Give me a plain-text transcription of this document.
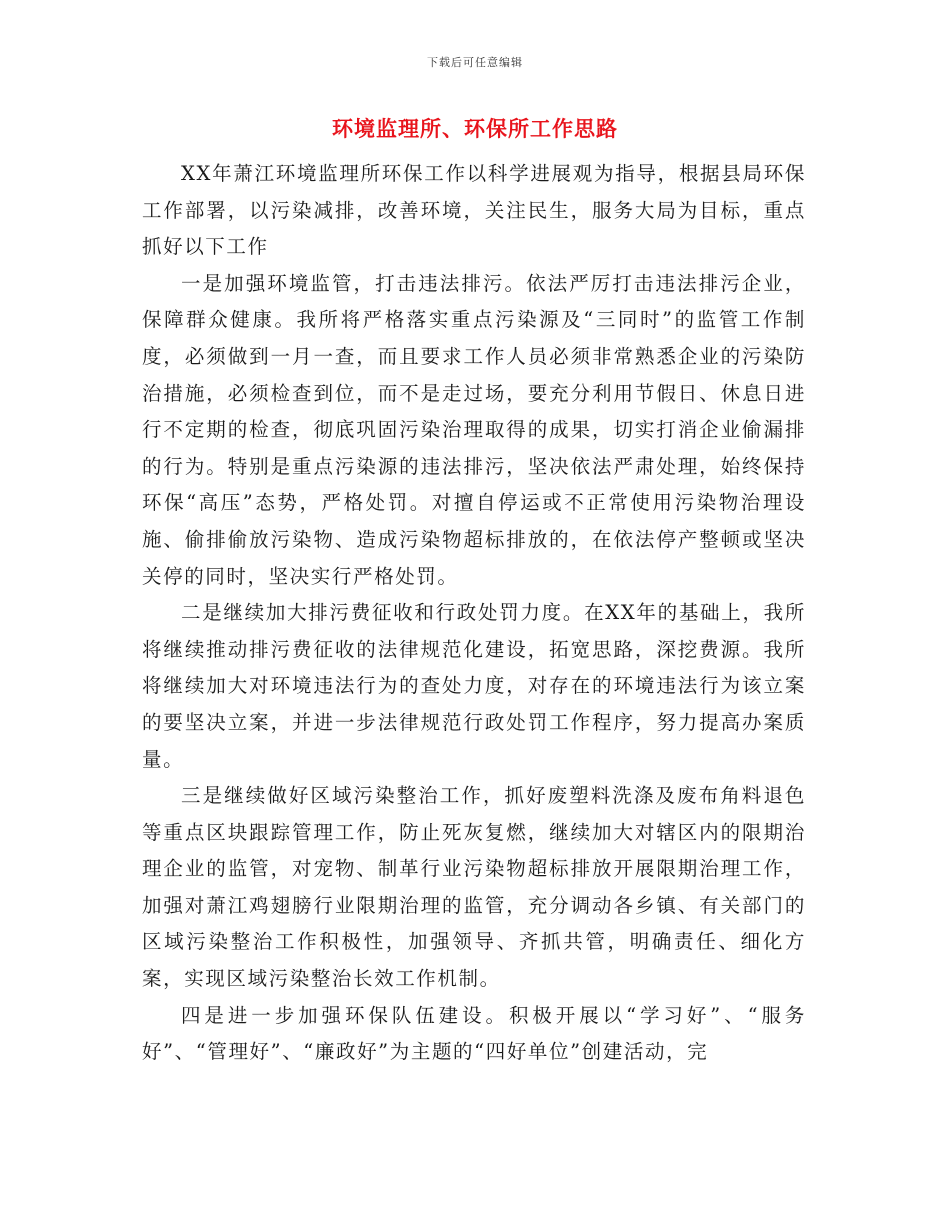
下载后可任意编辑
环境监理所、环保所工作思路

XX年萧江环境监理所环保工作以科学进展观为指导，根据县局环保工作部署，以污染减排，改善环境，关注民生，服务大局为目标，重点抓好以下工作

一是加强环境监管，打击违法排污。依法严厉打击违法排污企业，保障群众健康。我所将严格落实重点污染源及“三同时”的监管工作制度，必须做到一月一查，而且要求工作人员必须非常熟悉企业的污染防治措施，必须检查到位，而不是走过场，要充分利用节假日、休息日进行不定期的检查，彻底巩固污染治理取得的成果，切实打消企业偷漏排的行为。特别是重点污染源的违法排污，坚决依法严肃处理，始终保持环保“高压”态势，严格处罚。对擅自停运或不正常使用污染物治理设施、偷排偷放污染物、造成污染物超标排放的，在依法停产整顿或坚决关停的同时，坚决实行严格处罚。

二是继续加大排污费征收和行政处罚力度。在XX年的基础上，我所将继续推动排污费征收的法律规范化建设，拓宽思路，深挖费源。我所将继续加大对环境违法行为的查处力度，对存在的环境违法行为该立案的要坚决立案，并进一步法律规范行政处罚工作程序，努力提高办案质量。

三是继续做好区域污染整治工作，抓好废塑料洗涤及废布角料退色等重点区块跟踪管理工作，防止死灰复燃，继续加大对辖区内的限期治理企业的监管，对宠物、制革行业污染物超标排放开展限期治理工作，加强对萧江鸡翅膀行业限期治理的监管，充分调动各乡镇、有关部门的区域污染整治工作积极性，加强领导、齐抓共管，明确责任、细化方案，实现区域污染整治长效工作机制。

四是进一步加强环保队伍建设。积极开展以“学习好”、“服务好”、“管理好”、“廉政好”为主题的“四好单位”创建活动，完
